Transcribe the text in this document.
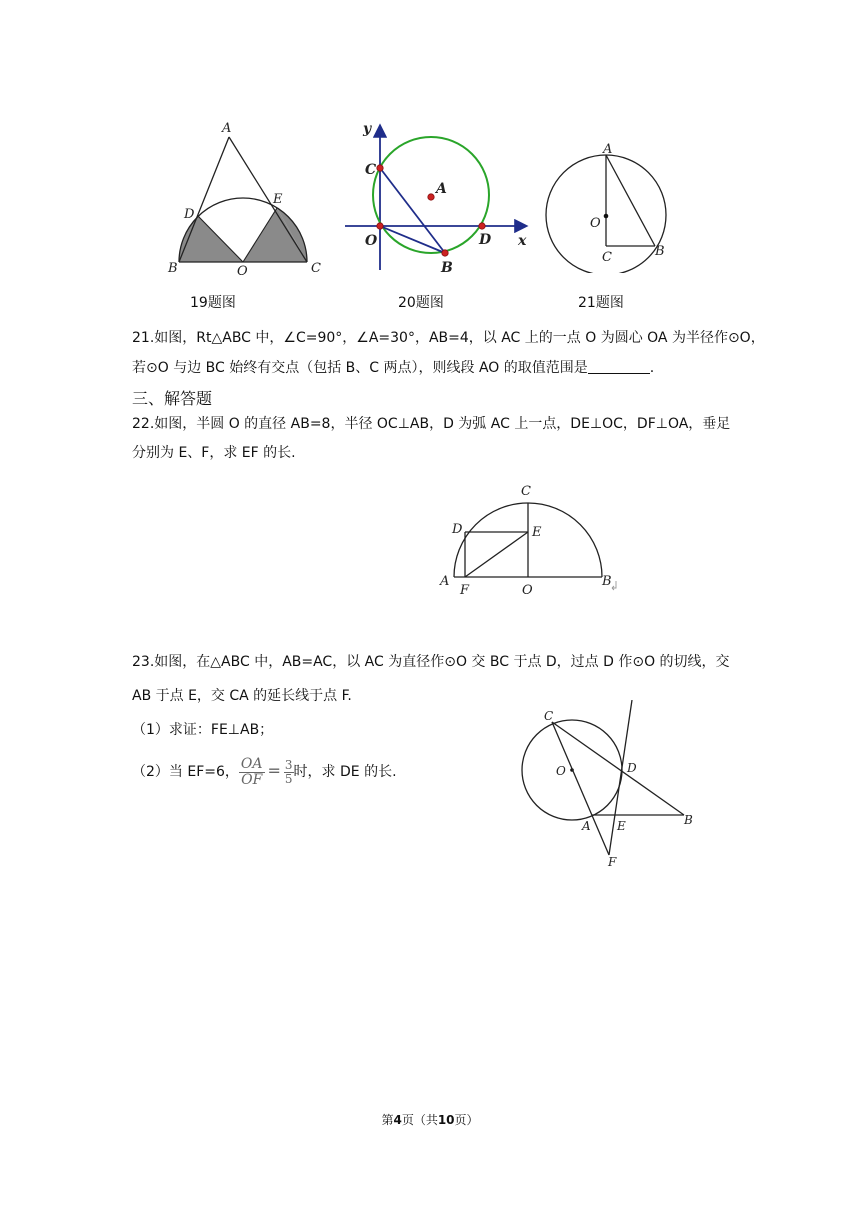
A
D
E
B	O	C
19题图
y
x
C
A
O	D
B
20题图
A
O
C	B
21题图
21.如图，Rt△ABC 中，∠C=90°，∠A=30°，AB=4，以 AC 上的一点 O 为圆心 OA 为半径作⊙O，
若⊙O 与边 BC 始终有交点（包括 B、C 两点），则线段 AO 的取值范围是	.
三、解答题
22.如图，半圆 O 的直径 AB=8，半径 OC⊥AB，D 为弧 AC 上一点，DE⊥OC，DF⊥OA，垂足
分别为 E、F，求 EF 的长.
C
D	E
A
F	O
B
23.如图，在△ABC 中，AB=AC，以 AC 为直径作⊙O 交 BC 于点 D，过点 D 作⊙O 的切线，交
AB 于点 E，交 CA 的延长线于点 F.
（1）求证：FE⊥AB；
（2）当 EF=6， $\frac{OA}{OF} = \frac{3}{5}$ 时，求 DE 的长.
C
O	D
A E	B
F
第4页（共10页）
